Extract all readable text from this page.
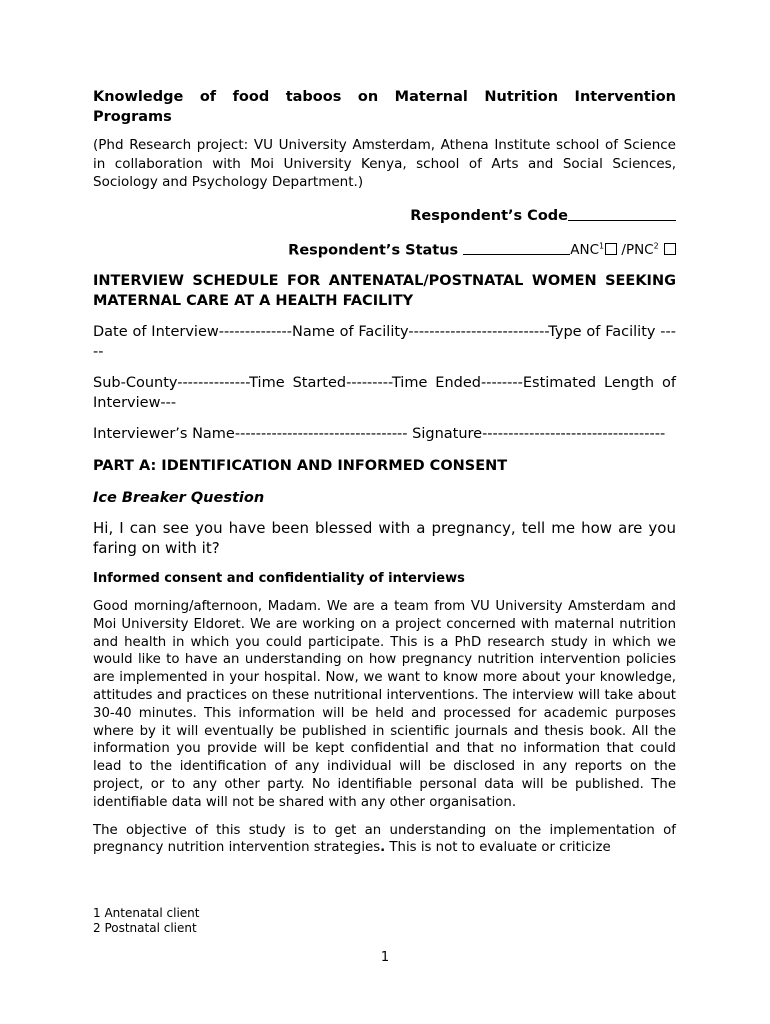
Knowledge of food taboos on Maternal Nutrition Intervention Programs

(Phd Research project: VU University Amsterdam, Athena Institute school of Science in collaboration with Moi University Kenya, school of Arts and Social Sciences, Sociology and Psychology Department.)

Respondent’s Code

Respondent’s Status	ANC$^1$ /PNC$^2$

INTERVIEW SCHEDULE FOR ANTENATAL/POSTNATAL WOMEN SEEKING MATERNAL CARE AT A HEALTH FACILITY

Date of Interview--------------Name of Facility---------------------------Type of Facility -----

Sub-County--------------Time Started---------Time Ended--------Estimated Length of Interview---

Interviewer’s Name--------------------------------- Signature-----------------------------------

PART A: IDENTIFICATION AND INFORMED CONSENT

Ice Breaker Question

Hi, I can see you have been blessed with a pregnancy, tell me how are you faring on with it?

Informed consent and confidentiality of interviews

Good morning/afternoon, Madam. We are a team from VU University Amsterdam and Moi University Eldoret. We are working on a project concerned with maternal nutrition and health in which you could participate. This is a PhD research study in which we would like to have an understanding on how pregnancy nutrition intervention policies are implemented in your hospital. Now, we want to know more about your knowledge, attitudes and practices on these nutritional interventions. The interview will take about 30-40 minutes. This information will be held and processed for academic purposes where by it will eventually be published in scientific journals and thesis book. All the information you provide will be kept confidential and that no information that could lead to the identification of any individual will be disclosed in any reports on the project, or to any other party. No identifiable personal data will be published. The identifiable data will not be shared with any other organisation.

The objective of this study is to get an understanding on the implementation of pregnancy nutrition intervention strategies. This is not to evaluate or criticize

1 Antenatal client
2 Postnatal client
1
